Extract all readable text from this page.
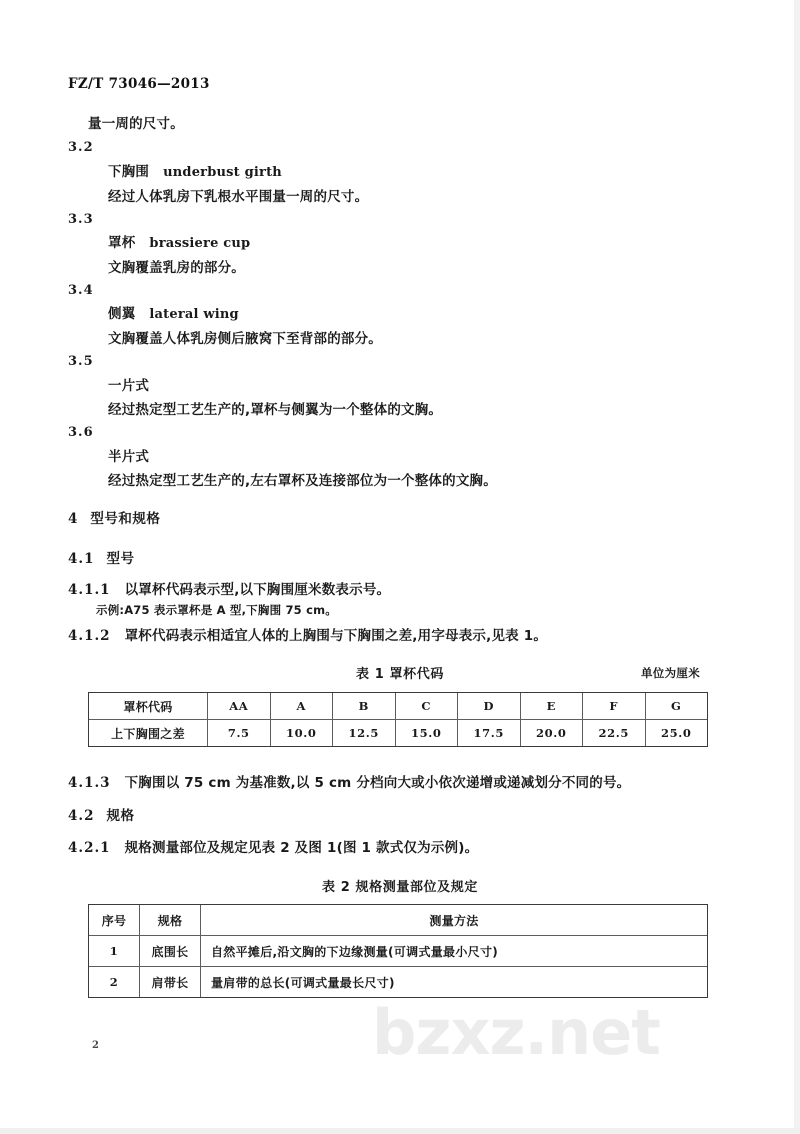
FZ/T 73046—2013
量一周的尺寸。
3.2
下胸围 underbust girth
经过人体乳房下乳根水平围量一周的尺寸。
3.3
罩杯 brassiere cup
文胸覆盖乳房的部分。
3.4
侧翼 lateral wing
文胸覆盖人体乳房侧后腋窝下至背部的部分。
3.5
一片式
经过热定型工艺生产的,罩杯与侧翼为一个整体的文胸。
3.6
半片式
经过热定型工艺生产的,左右罩杯及连接部位为一个整体的文胸。
4 型号和规格
4.1 型号
4.1.1 以罩杯代码表示型,以下胸围厘米数表示号。
示例:A75 表示罩杯是 A 型,下胸围 75 cm。
4.1.2 罩杯代码表示相适宜人体的上胸围与下胸围之差,用字母表示,见表 1。
表 1 罩杯代码	单位为厘米
罩杯代码	AA	A	B	C	D	E	F	G
上下胸围之差	7.5	10.0	12.5	15.0	17.5	20.0	22.5	25.0
4.1.3 下胸围以 75 cm 为基准数,以 5 cm 分档向大或小依次递增或递减划分不同的号。
4.2 规格
4.2.1 规格测量部位及规定见表 2 及图 1(图 1 款式仅为示例)。
表 2 规格测量部位及规定
序号	规格	测量方法
1	底围长	自然平摊后,沿文胸的下边缘测量(可调式量最小尺寸)
2	肩带长	量肩带的总长(可调式量最长尺寸)
bzxz.net
2
